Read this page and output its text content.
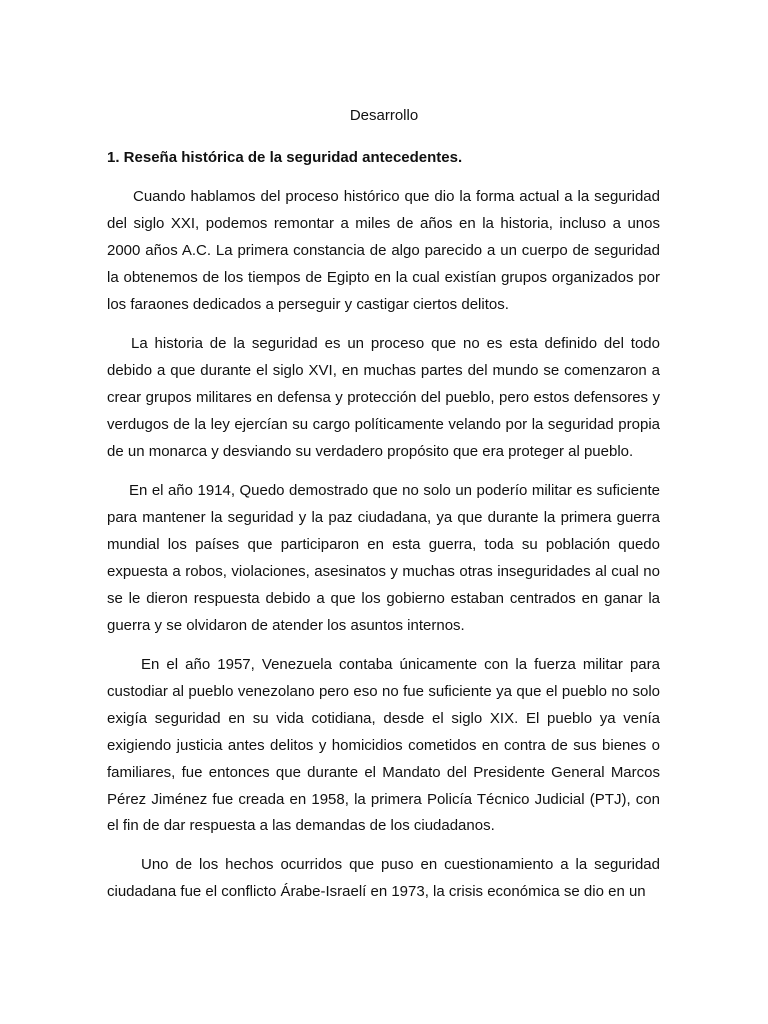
Desarrollo
1. Reseña histórica de la seguridad antecedentes.

Cuando hablamos del proceso histórico que dio la forma actual a la seguridad del siglo XXI, podemos remontar a miles de años en la historia, incluso a unos 2000 años A.C. La primera constancia de algo parecido a un cuerpo de seguridad la obtenemos de los tiempos de Egipto en la cual existían grupos organizados por los faraones dedicados a perseguir y castigar ciertos delitos.

La historia de la seguridad es un proceso que no es esta definido del todo debido a que durante el siglo XVI, en muchas partes del mundo se comenzaron a crear grupos militares en defensa y protección del pueblo, pero estos defensores y verdugos de la ley ejercían su cargo políticamente velando por la seguridad propia de un monarca y desviando su verdadero propósito que era proteger al pueblo.

En el año 1914, Quedo demostrado que no solo un poderío militar es suficiente para mantener la seguridad y la paz ciudadana, ya que durante la primera guerra mundial los países que participaron en esta guerra, toda su población quedo expuesta a robos, violaciones, asesinatos y muchas otras inseguridades al cual no se le dieron respuesta debido a que los gobierno estaban centrados en ganar la guerra y se olvidaron de atender los asuntos internos.

En el año 1957, Venezuela contaba únicamente con la fuerza militar para custodiar al pueblo venezolano pero eso no fue suficiente ya que el pueblo no solo exigía seguridad en su vida cotidiana, desde el siglo XIX. El pueblo ya venía exigiendo justicia antes delitos y homicidios cometidos en contra de sus bienes o familiares, fue entonces que durante el Mandato del Presidente General Marcos Pérez Jiménez fue creada en 1958, la primera Policía Técnico Judicial (PTJ), con el fin de dar respuesta a las demandas de los ciudadanos.

Uno de los hechos ocurridos que puso en cuestionamiento a la seguridad ciudadana fue el conflicto Árabe-Israelí en 1973, la crisis económica se dio en un
